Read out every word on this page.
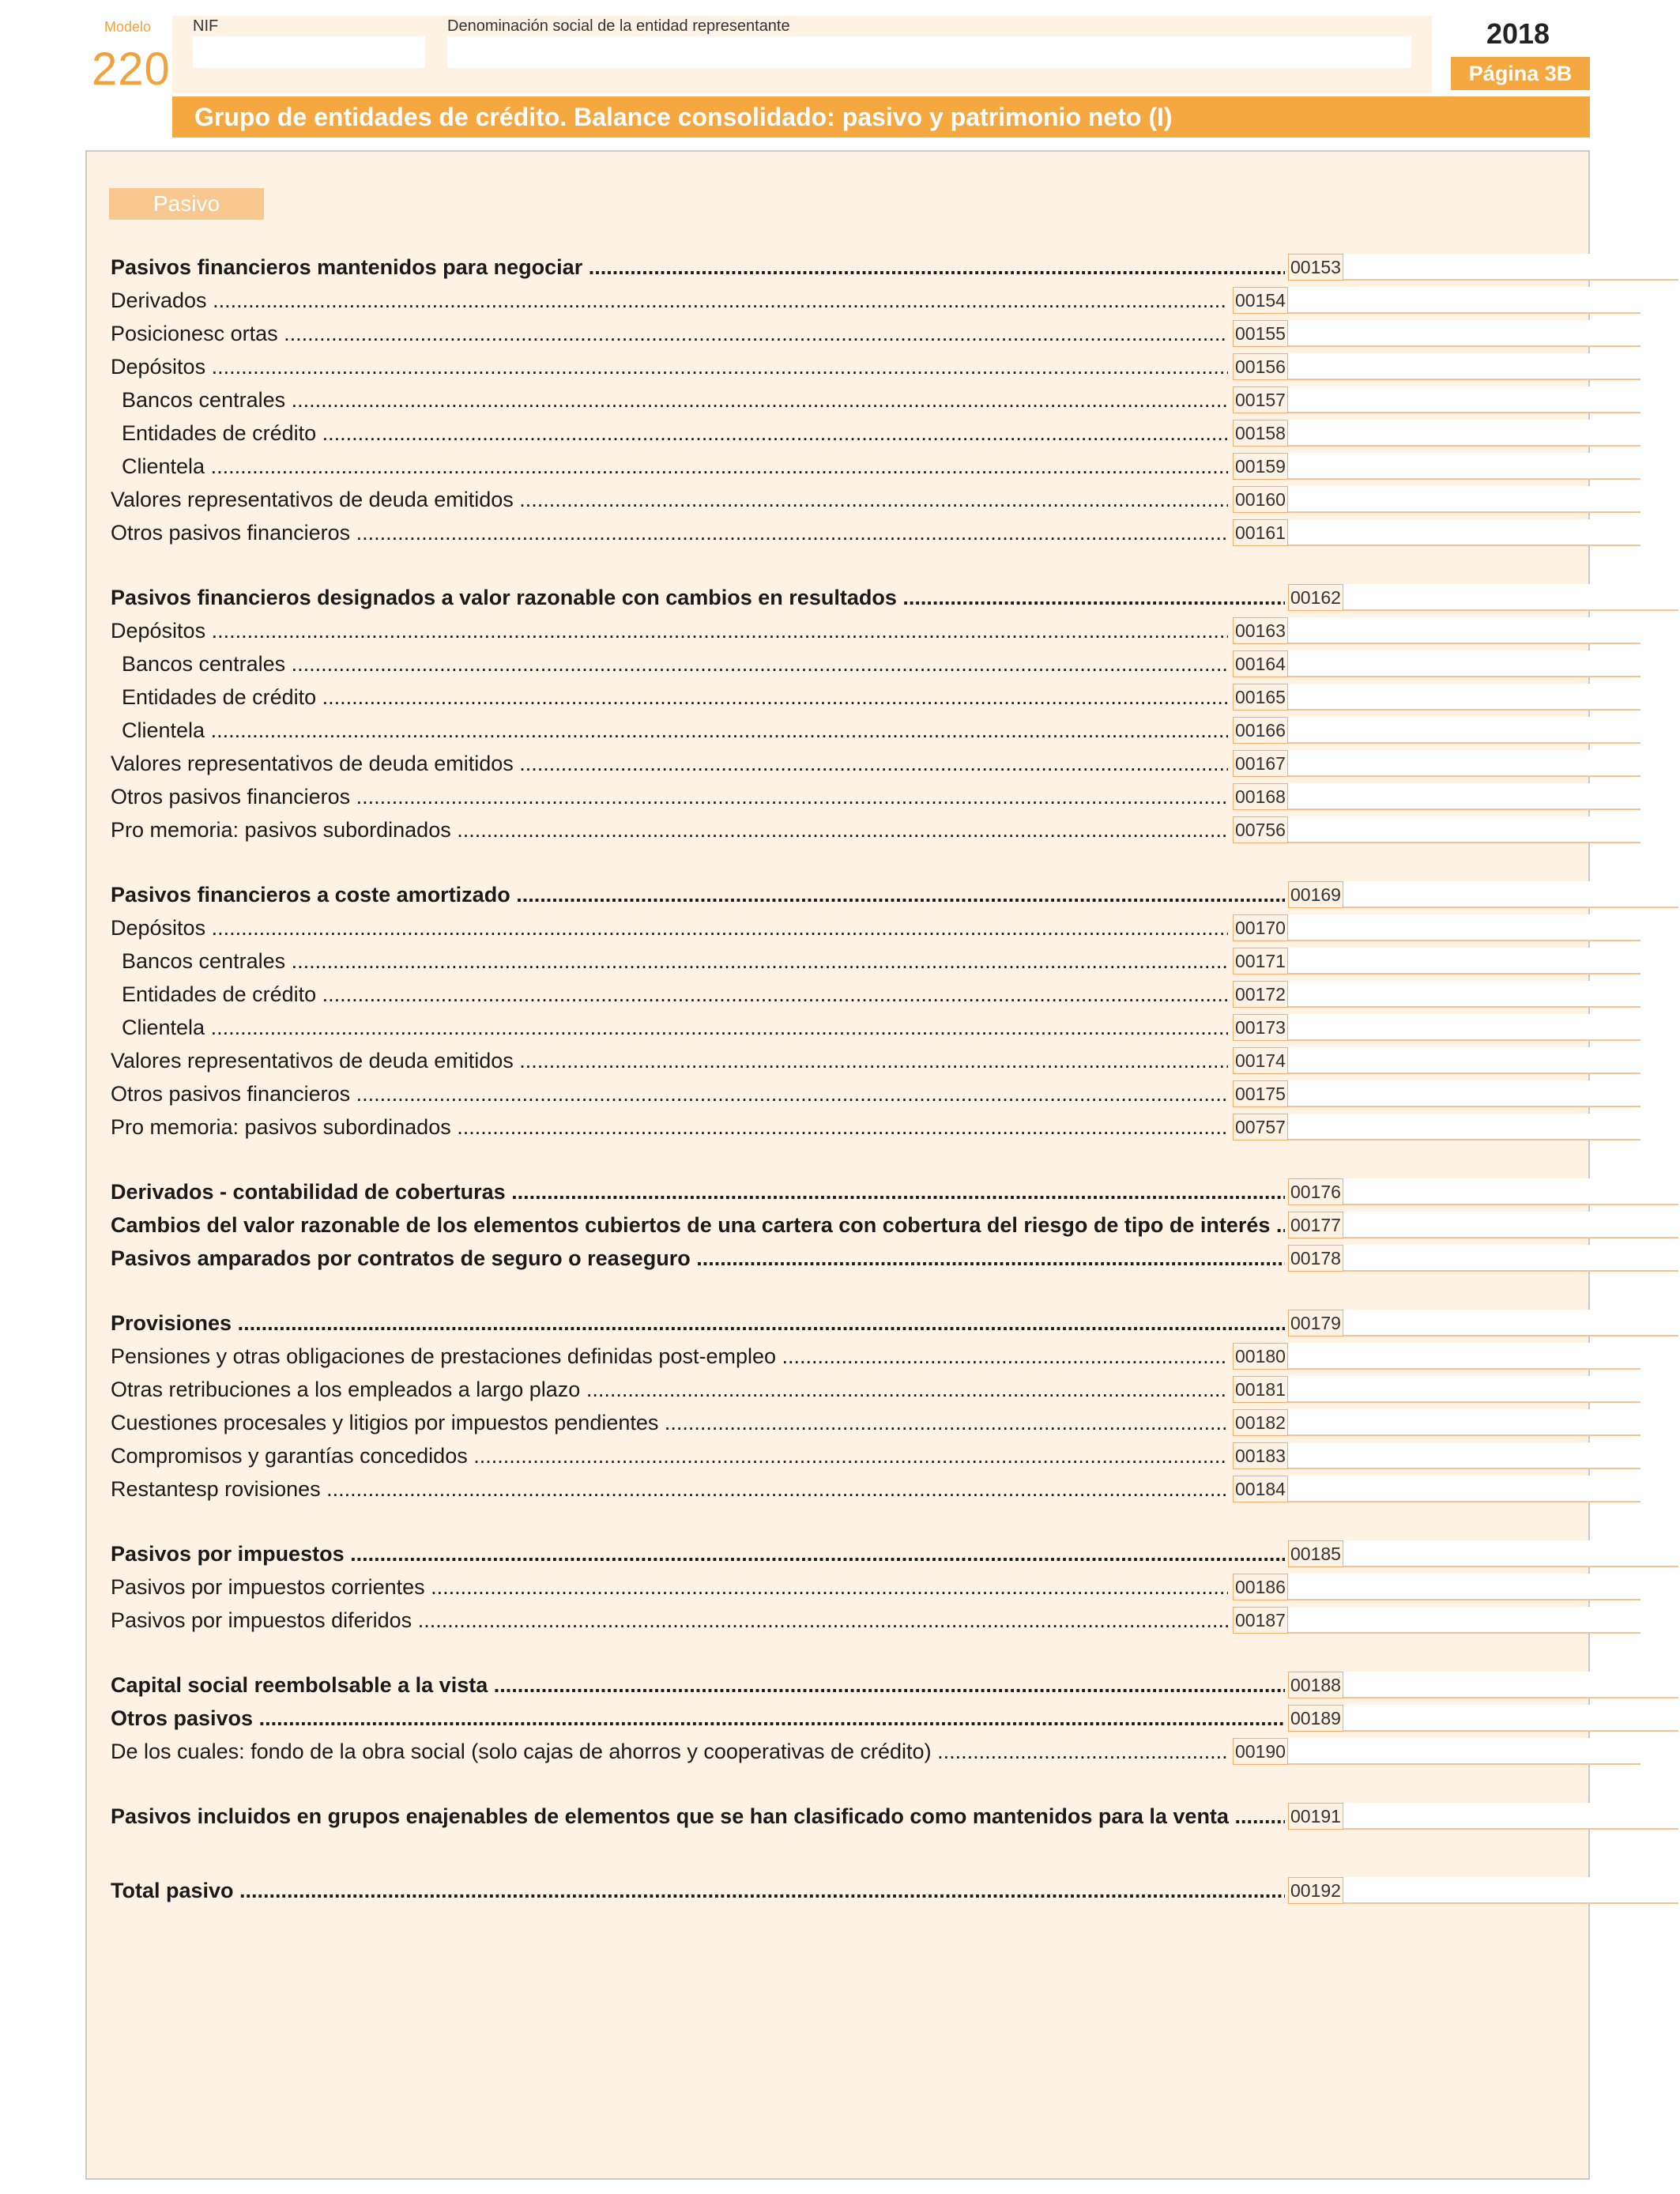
Modelo
220
NIF	Denominación social de la entidad representante	2018
Página 3B
Grupo de entidades de crédito. Balance consolidado: pasivo y patrimonio neto (I)
Pasivo
Pasivos financieros mantenidos para negociar .....	00153
Derivados .....	00154
Posicionesc ortas .....	00155
Depósitos .....	00156
Bancos centrales .....	00157
Entidades de crédito .....	00158
Clientela .....	00159
Valores representativos de deuda emitidos .....	00160
Otros pasivos financieros .....	00161
Pasivos financieros designados a valor razonable con cambios en resultados .....	00162
Depósitos .....	00163
Bancos centrales .....	00164
Entidades de crédito .....	00165
Clientela .....	00166
Valores representativos de deuda emitidos .....	00167
Otros pasivos financieros .....	00168
Pro memoria: pasivos subordinados .....	00756
Pasivos financieros a coste amortizado .....	00169
Depósitos .....	00170
Bancos centrales .....	00171
Entidades de crédito .....	00172
Clientela .....	00173
Valores representativos de deuda emitidos .....	00174
Otros pasivos financieros .....	00175
Pro memoria: pasivos subordinados .....	00757
Derivados - contabilidad de coberturas .....	00176
Cambios del valor razonable de los elementos cubiertos de una cartera con cobertura del riesgo de tipo de interés .....	00177
Pasivos amparados por contratos de seguro o reaseguro .....	00178
Provisiones .....	00179
Pensiones y otras obligaciones de prestaciones definidas post-empleo .....	00180
Otras retribuciones a los empleados a largo plazo .....	00181
Cuestiones procesales y litigios por impuestos pendientes .....	00182
Compromisos y garantías concedidos .....	00183
Restantesp rovisiones .....	00184
Pasivos por impuestos .....	00185
Pasivos por impuestos corrientes .....	00186
Pasivos por impuestos diferidos .....	00187
Capital social reembolsable a la vista .....	00188
Otros pasivos .....	00189
De los cuales: fondo de la obra social (solo cajas de ahorros y cooperativas de crédito) .....	00190
Pasivos incluidos en grupos enajenables de elementos que se han clasificado como mantenidos para la venta .....	00191
Total pasivo .....	00192
